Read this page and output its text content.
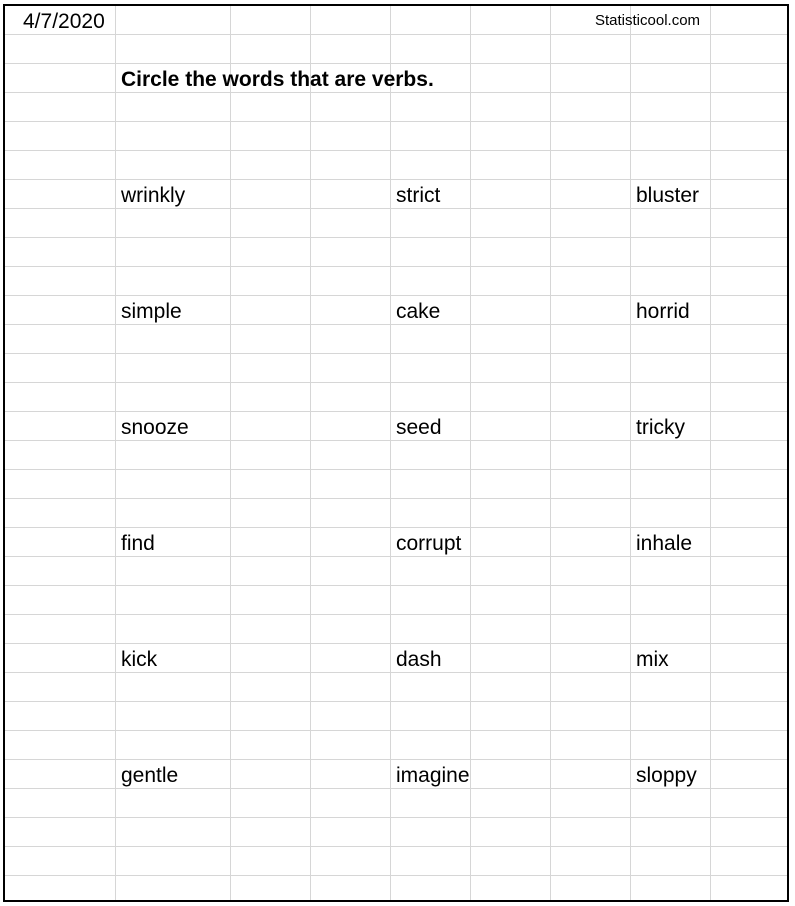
4/7/2020	Statisticool.com
Circle the words that are verbs.
wrinkly	strict	bluster
simple	cake	horrid
snooze	seed	tricky
find	corrupt	inhale
kick	dash	mix
gentle	imagine	sloppy
